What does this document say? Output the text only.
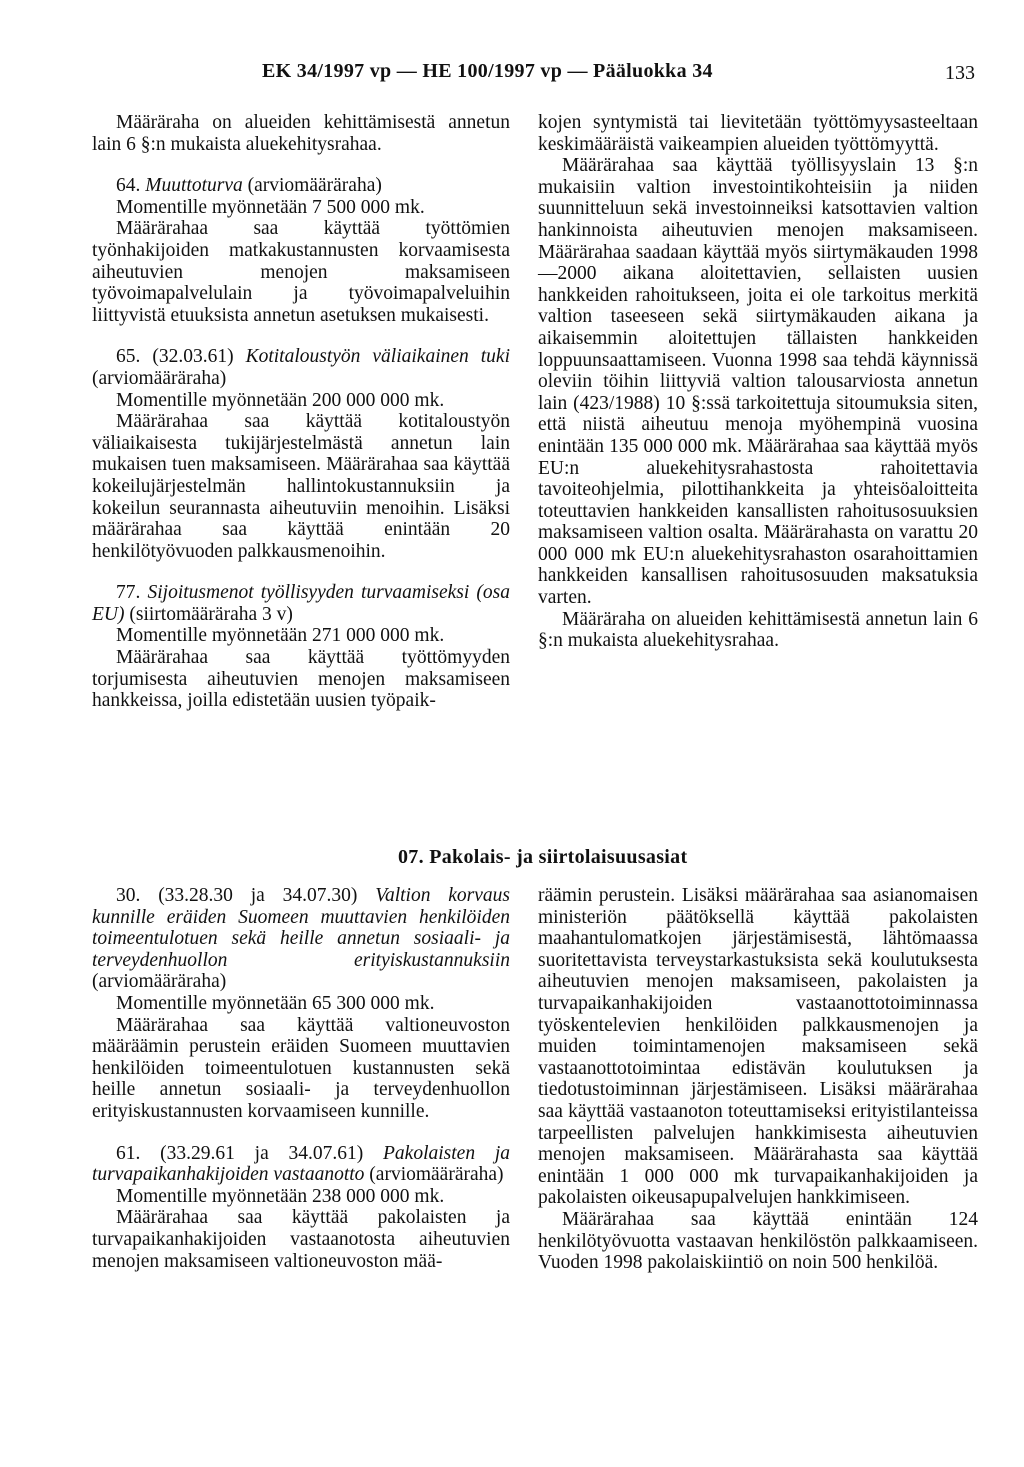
EK 34/1997 vp — HE 100/1997 vp — Pääluokka 34	133

Määräraha on alueiden kehittämisestä annetun lain 6 §:n mukaista aluekehitysrahaa.

64. Muuttoturva (arviomääräraha)

Momentille myönnetään 7 500 000 mk.

Määrärahaa saa käyttää työttömien työnhakijoiden matkakustannusten korvaamisesta aiheutuvien menojen maksamiseen työvoimapalvelulain ja työvoimapalveluihin liittyvistä etuuksista annetun asetuksen mukaisesti.

65. (32.03.61) Kotitaloustyön väliaikainen tuki (arviomääräraha)

Momentille myönnetään 200 000 000 mk.

Määrärahaa saa käyttää kotitaloustyön väliaikaisesta tukijärjestelmästä annetun lain mukaisen tuen maksamiseen. Määrärahaa saa käyttää kokeilujärjestelmän hallintokustannuksiin ja kokeilun seurannasta aiheutuviin menoihin. Lisäksi määrärahaa saa käyttää enintään 20 henkilötyövuoden palkkausmenoihin.

77. Sijoitusmenot työllisyyden turvaamiseksi (osa EU) (siirtomääräraha 3 v)

Momentille myönnetään 271 000 000 mk.

Määrärahaa saa käyttää työttömyyden torjumisesta aiheutuvien menojen maksamiseen hankkeissa, joilla edistetään uusien työpaik-

kojen syntymistä tai lievitetään työttömyysasteeltaan keskimääräistä vaikeampien alueiden työttömyyttä.

Määrärahaa saa käyttää työllisyyslain 13 §:n mukaisiin valtion investointikohteisiin ja niiden suunnitteluun sekä investoinneiksi katsottavien valtion hankinnoista aiheutuvien menojen maksamiseen. Määrärahaa saadaan käyttää myös siirtymäkauden 1998—2000 aikana aloitettavien, sellaisten uusien hankkeiden rahoitukseen, joita ei ole tarkoitus merkitä valtion taseeseen sekä siirtymäkauden aikana ja aikaisemmin aloitettujen tällaisten hankkeiden loppuunsaattamiseen. Vuonna 1998 saa tehdä käynnissä oleviin töihin liittyviä valtion talousarviosta annetun lain (423/1988) 10 §:ssä tarkoitettuja sitoumuksia siten, että niistä aiheutuu menoja myöhempinä vuosina enintään 135 000 000 mk. Määrärahaa saa käyttää myös EU:n aluekehitysrahastosta rahoitettavia tavoiteohjelmia, pilottihankkeita ja yhteisöaloitteita toteuttavien hankkeiden kansallisten rahoitusosuuksien maksamiseen valtion osalta. Määrärahasta on varattu 20 000 000 mk EU:n aluekehitysrahaston osarahoittamien hankkeiden kansallisen rahoitusosuuden maksatuksia varten.

Määräraha on alueiden kehittämisestä annetun lain 6 §:n mukaista aluekehitysrahaa.

07. Pakolais- ja siirtolaisuusasiat

30. (33.28.30 ja 34.07.30) Valtion korvaus kunnille eräiden Suomeen muuttavien henkilöiden toimeentulotuen sekä heille annetun sosiaali- ja terveydenhuollon erityiskustannuksiin (arviomääräraha)

Momentille myönnetään 65 300 000 mk.

Määrärahaa saa käyttää valtioneuvoston määräämin perustein eräiden Suomeen muuttavien henkilöiden toimeentulotuen kustannusten sekä heille annetun sosiaali- ja terveydenhuollon erityiskustannusten korvaamiseen kunnille.

61. (33.29.61 ja 34.07.61) Pakolaisten ja turvapaikanhakijoiden vastaanotto (arviomääräraha)

Momentille myönnetään 238 000 000 mk.

Määrärahaa saa käyttää pakolaisten ja turvapaikanhakijoiden vastaanotosta aiheutuvien menojen maksamiseen valtioneuvoston mää-

räämin perustein. Lisäksi määrärahaa saa asianomaisen ministeriön päätöksellä käyttää pakolaisten maahantulomatkojen järjestämisestä, lähtömaassa suoritettavista terveystarkastuksista sekä koulutuksesta aiheutuvien menojen maksamiseen, pakolaisten ja turvapaikanhakijoiden vastaanottotoiminnassa työskentelevien henkilöiden palkkausmenojen ja muiden toimintamenojen maksamiseen sekä vastaanottotoimintaa edistävän koulutuksen ja tiedotustoiminnan järjestämiseen. Lisäksi määrärahaa saa käyttää vastaanoton toteuttamiseksi erityistilanteissa tarpeellisten palvelujen hankkimisesta aiheutuvien menojen maksamiseen. Määrärahasta saa käyttää enintään 1 000 000 mk turvapaikanhakijoiden ja pakolaisten oikeusapupalvelujen hankkimiseen.

Määrärahaa saa käyttää enintään 124 henkilötyövuotta vastaavan henkilöstön palkkaamiseen. Vuoden 1998 pakolaiskiintiö on noin 500 henkilöä.
